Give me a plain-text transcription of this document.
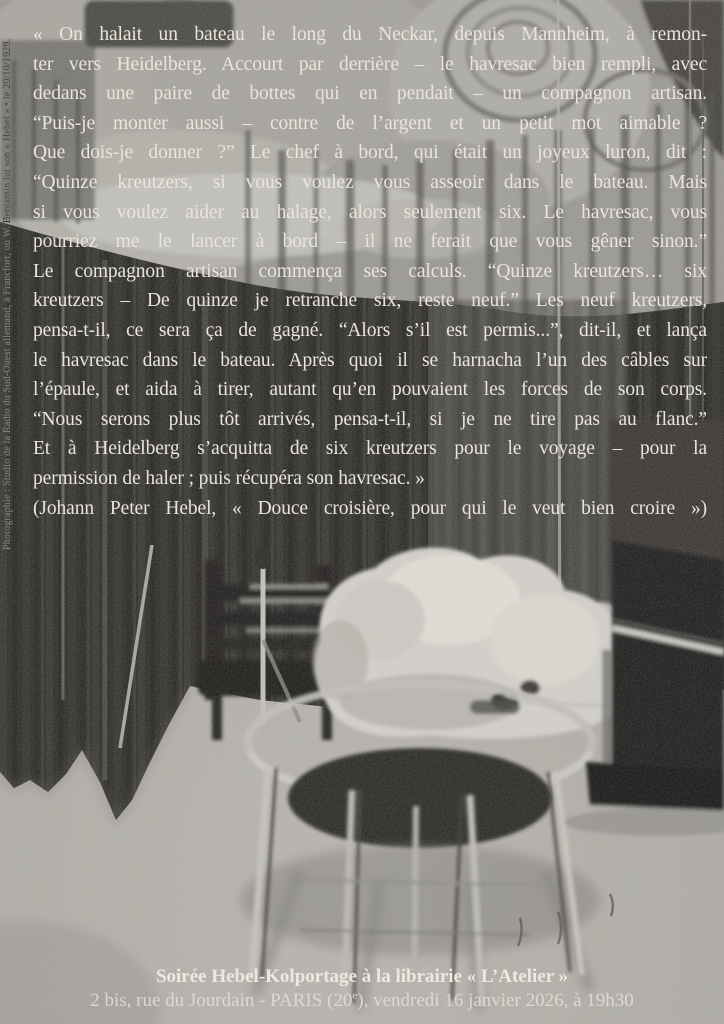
Photographie : Studio de la Radio du Sud-Ouest allemand, à Francfort, où W. Benjamin lut son « Hebel » • le 20/10/1929.
« On halait un bateau le long du Neckar, depuis Mannheim, à remon-
ter vers Heidelberg. Accourt par derrière – le havresac bien rempli, avec
dedans une paire de bottes qui en pendait – un compagnon artisan.
“Puis-je monter aussi – contre de l’argent et un petit mot aimable ?
Que dois-je donner ?” Le chef à bord, qui était un joyeux luron, dit :
“Quinze kreutzers, si vous voulez vous asseoir dans le bateau. Mais
si vous voulez aider au halage, alors seulement six. Le havresac, vous
pourriez me le lancer à bord – il ne ferait que vous gêner sinon.”
Le compagnon artisan commença ses calculs. “Quinze kreutzers… six
kreutzers – De quinze je retranche six, reste neuf.” Les neuf kreutzers,
pensa-t-il, ce sera ça de gagné. “Alors s’il est permis...”, dit-il, et lança
le havresac dans le bateau. Après quoi il se harnacha l’un des câbles sur
l’épaule, et aida à tirer, autant qu’en pouvaient les forces de son corps.
“Nous serons plus tôt arrivés, pensa-t-il, si je ne tire pas au flanc.”
Et à Heidelberg s’acquitta de six kreutzers pour le voyage – pour la
permission de haler ; puis récupéra son havresac. »
(Johann Peter Hebel, « Douce croisière, pour qui le veut bien croire »)
Soirée Hebel-Kolportage à la librairie « L’Atelier »
2 bis, rue du Jourdain - PARIS (20e), vendredi 16 janvier 2026, à 19h30
